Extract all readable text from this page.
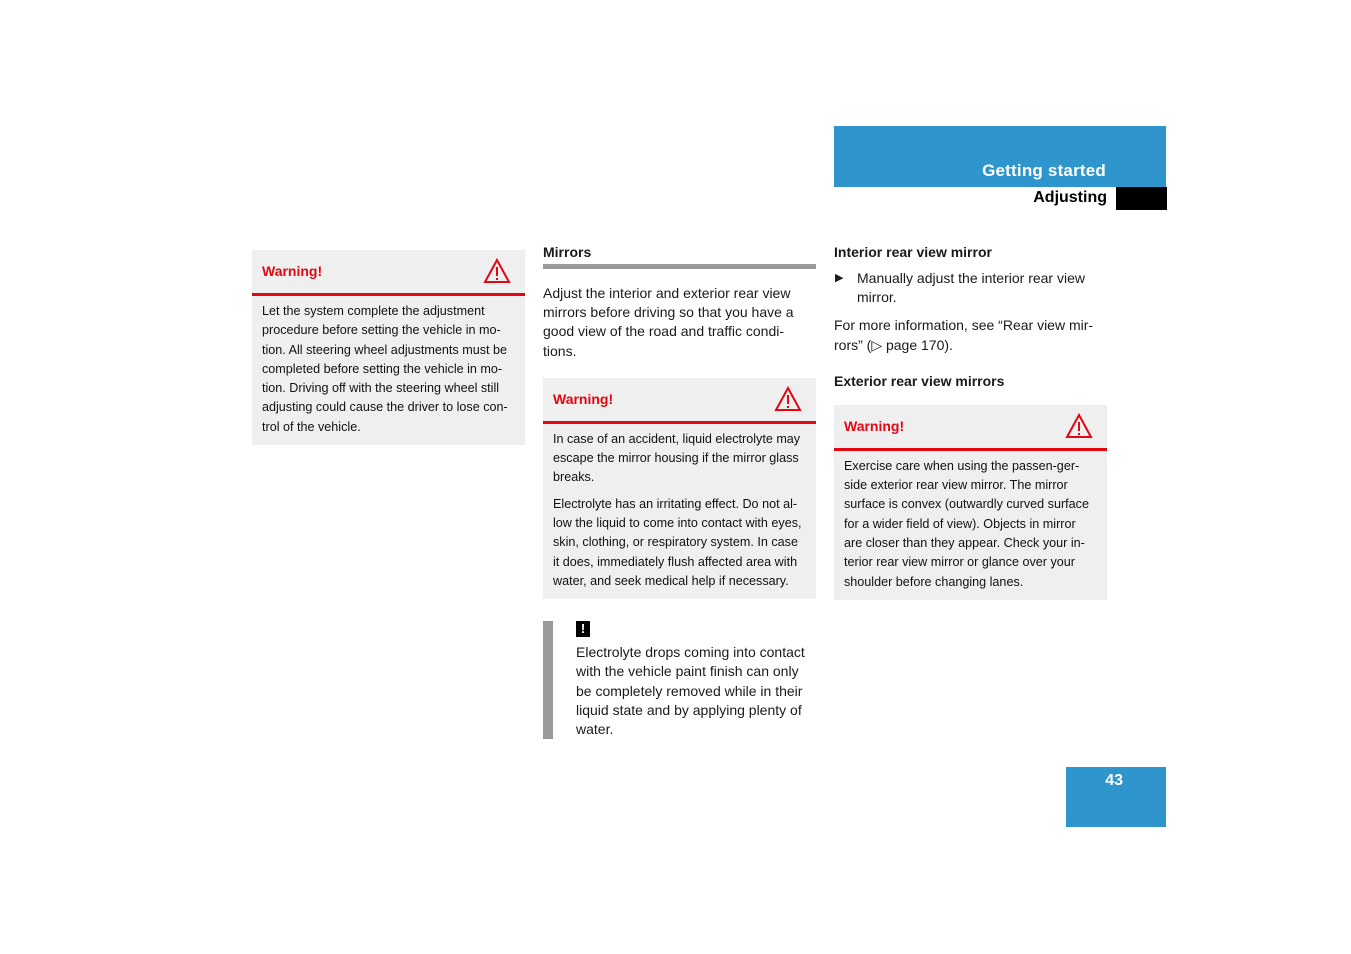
Getting started
Adjusting
Warning!

Let the system complete the adjustment procedure before setting the vehicle in mo-tion. All steering wheel adjustments must be completed before setting the vehicle in mo-tion. Driving off with the steering wheel still adjusting could cause the driver to lose con-trol of the vehicle.

Mirrors

Adjust the interior and exterior rear view mirrors before driving so that you have a good view of the road and traffic condi-tions.

Warning!

In case of an accident, liquid electrolyte may escape the mirror housing if the mirror glass breaks.

Electrolyte has an irritating effect. Do not al-low the liquid to come into contact with eyes, skin, clothing, or respiratory system. In case it does, immediately flush affected area with water, and seek medical help if necessary.

!

Electrolyte drops coming into contact with the vehicle paint finish can only be completely removed while in their liquid state and by applying plenty of water.

Interior rear view mirror
▶ Manually adjust the interior rear view mirror.

For more information, see “Rear view mir-rors” (▷ page 170).

Exterior rear view mirrors
Warning!

Exercise care when using the passen-ger-side exterior rear view mirror. The mirror surface is convex (outwardly curved surface for a wider field of view). Objects in mirror are closer than they appear. Check your in-terior rear view mirror or glance over your shoulder before changing lanes.

43
